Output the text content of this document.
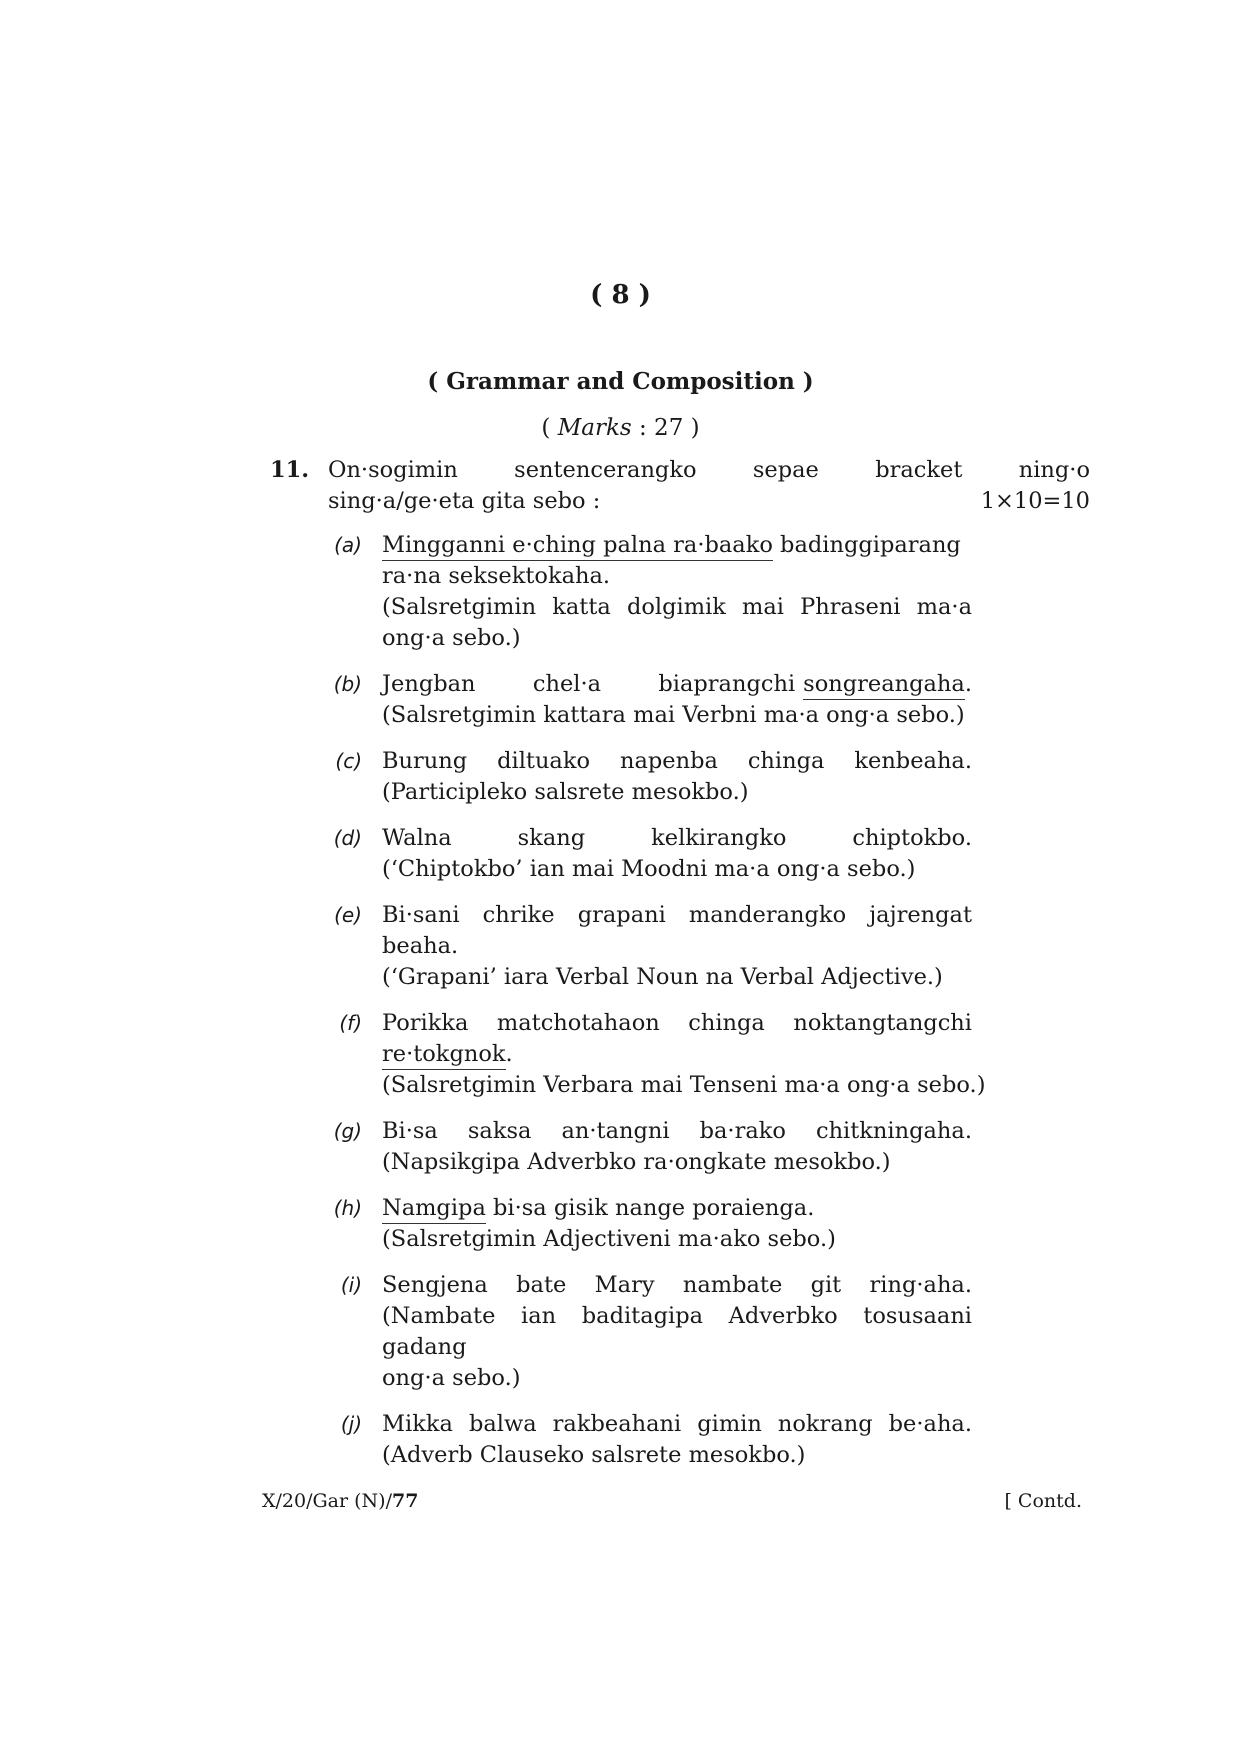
( 8 )
( Grammar and Composition )
( Marks : 27 )
11. On·sogimin sentencerangko sepae bracket ning·o
sing·a/ge·eta gita sebo :	1×10=10
(a) Mingganni e·ching palna ra·baako badinggiparang
ra·na seksektokaha.
(Salsretgimin katta dolgimik mai Phraseni ma·a
ong·a sebo.)
(b) Jengban chel·a biaprangchi songreangaha.
(Salsretgimin kattara mai Verbni ma·a ong·a sebo.)
(c) Burung diltuako napenba chinga kenbeaha.
(Participleko salsrete mesokbo.)
(d) Walna skang kelkirangko chiptokbo.
(‘Chiptokbo’ ian mai Moodni ma·a ong·a sebo.)
(e) Bi·sani chrike grapani manderangko jajrengat
beaha.
(‘Grapani’ iara Verbal Noun na Verbal Adjective.)
(f) Porikka matchotahaon chinga noktangtangchi
re·tokgnok.
(Salsretgimin Verbara mai Tenseni ma·a ong·a sebo.)
(g) Bi·sa saksa an·tangni ba·rako chitkningaha.
(Napsikgipa Adverbko ra·ongkate mesokbo.)
(h) Namgipa bi·sa gisik nange poraienga.
(Salsretgimin Adjectiveni ma·ako sebo.)
(i) Sengjena bate Mary nambate git ring·aha.
(Nambate ian baditagipa Adverbko tosusaani gadang
ong·a sebo.)
(j) Mikka balwa rakbeahani gimin nokrang be·aha.
(Adverb Clauseko salsrete mesokbo.)
X/20/Gar (N)/77	[ Contd.
